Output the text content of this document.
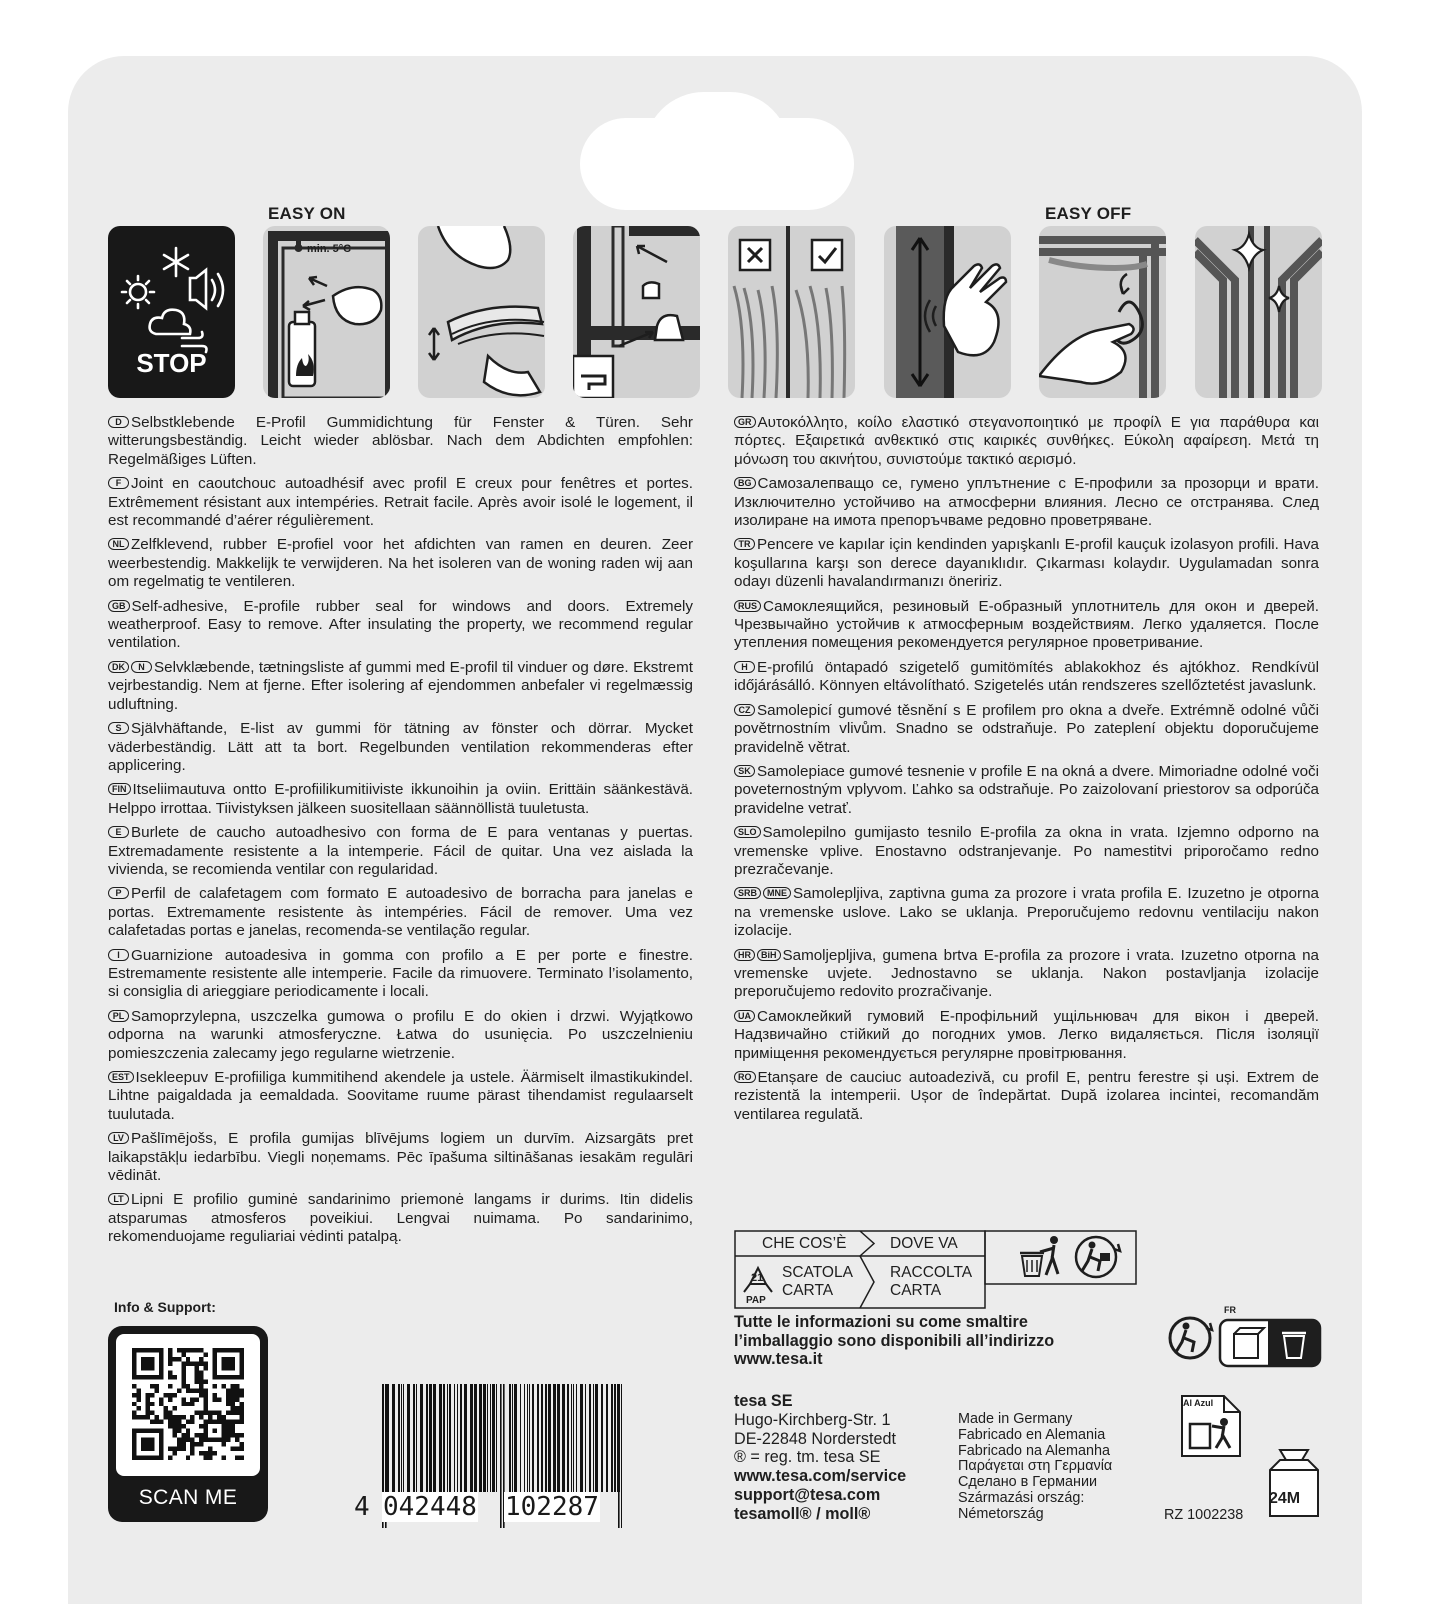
EASY ON	EASY OFF
STOP
min. 5°C
D Selbstklebende E-Profil Gummidichtung für Fenster & Türen. Sehr witterungsbeständig. Leicht wieder ablösbar. Nach dem Abdichten empfohlen: Regelmäßiges Lüften.
F Joint en caoutchouc autoadhésif avec profil E creux pour fenêtres et portes. Extrêmement résistant aux intempéries. Retrait facile. Après avoir isolé le logement, il est recommandé d’aérer régulièrement.
NL Zelfklevend, rubber E-profiel voor het afdichten van ramen en deuren. Zeer weerbestendig. Makkelijk te verwijderen. Na het isoleren van de woning raden wij aan om regelmatig te ventileren.
GB Self-adhesive, E-profile rubber seal for windows and doors. Extremely weatherproof. Easy to remove. After insulating the property, we recommend regular ventilation.
DK N Selvklæbende, tætningsliste af gummi med E-profil til vinduer og døre. Ekstremt vejrbestandig. Nem at fjerne. Efter isolering af ejendommen anbefaler vi regelmæssig udluftning.
S Självhäftande, E-list av gummi för tätning av fönster och dörrar. Mycket väderbeständig. Lätt att ta bort. Regelbunden ventilation rekommenderas efter applicering.
FIN Itseliimautuva ontto E-profiilikumitiiviste ikkunoihin ja oviin. Erittäin säänkestävä. Helppo irrottaa. Tiivistyksen jälkeen suositellaan säännöllistä tuuletusta.
E Burlete de caucho autoadhesivo con forma de E para ventanas y puertas. Extremadamente resistente a la intemperie. Fácil de quitar. Una vez aislada la vivienda, se recomienda ventilar con regularidad.
P Perfil de calafetagem com formato E autoadesivo de borracha para janelas e portas. Extremamente resistente às intempéries. Fácil de remover. Uma vez calafetadas portas e janelas, recomenda-se ventilação regular.
I Guarnizione autoadesiva in gomma con profilo a E per porte e finestre. Estremamente resistente alle intemperie. Facile da rimuovere. Terminato l’isolamento, si consiglia di arieggiare periodicamente i locali.
PL Samoprzylepna, uszczelka gumowa o profilu E do okien i drzwi. Wyjątkowo odporna na warunki atmosferyczne. Łatwa do usunięcia. Po uszczelnieniu pomieszczenia zalecamy jego regularne wietrzenie.
EST Isekleepuv E-profiiliga kummitihend akendele ja ustele. Äärmiselt ilmastikukindel. Lihtne paigaldada ja eemaldada. Soovitame ruume pärast tihendamist regulaarselt tuulutada.
LV Pašlīmējošs, E profila gumijas blīvējums logiem un durvīm. Aizsargāts pret laikapstākļu iedarbību. Viegli noņemams. Pēc īpašuma siltināšanas iesakām regulāri vēdināt.
LT Lipni E profilio guminė sandarinimo priemonė langams ir durims. Itin didelis atsparumas atmosferos poveikiui. Lengvai nuimama. Po sandarinimo, rekomenduojame reguliariai vėdinti patalpą.
GR Αυτοκόλλητο, κοίλο ελαστικό στεγανοποιητικό με προφίλ E για παράθυρα και πόρτες. Εξαιρετικά ανθεκτικό στις καιρικές συνθήκες. Εύκολη αφαίρεση. Μετά τη μόνωση του ακινήτου, συνιστούμε τακτικό αερισμό.
BG Самозалепващо се, гумено уплътнение с Е-профили за прозорци и врати. Изключително устойчиво на атмосферни влияния. Лесно се отстранява. След изолиране на имота препоръчваме редовно проветряване.
TR Pencere ve kapılar için kendinden yapışkanlı E-profil kauçuk izolasyon profili. Hava koşullarına karşı son derece dayanıklıdır. Çıkarması kolaydır. Uygulamadan sonra odayı düzenli havalandırmanızı öneririz.
RUS Самоклеящийся, резиновый E-образный уплотнитель для окон и дверей. Чрезвычайно устойчив к атмосферным воздействиям. Легко удаляется. После утепления помещения рекомендуется регулярное проветривание.
H E-profilú öntapadó szigetelő gumitömítés ablakokhoz és ajtókhoz. Rendkívül időjárásálló. Könnyen eltávolítható. Szigetelés után rendszeres szellőztetést javaslunk.
CZ Samolepicí gumové těsnění s E profilem pro okna a dveře. Extrémně odolné vůči povětrnostním vlivům. Snadno se odstraňuje. Po zateplení objektu doporučujeme pravidelně větrat.
SK Samolepiace gumové tesnenie v profile E na okná a dvere. Mimoriadne odolné voči poveternostným vplyvom. Ľahko sa odstraňuje. Po zaizolovaní priestorov sa odporúča pravidelne vetrať.
SLO Samolepilno gumijasto tesnilo E-profila za okna in vrata. Izjemno odporno na vremenske vplive. Enostavno odstranjevanje. Po namestitvi priporočamo redno prezračevanje.
SRB MNE Samolepljiva, zaptivna guma za prozore i vrata profila E. Izuzetno je otporna na vremenske uslove. Lako se uklanja. Preporučujemo redovnu ventilaciju nakon izolacije.
HR BiH Samoljepljiva, gumena brtva E-profila za prozore i vrata. Izuzetno otporna na vremenske uvjete. Jednostavno se uklanja. Nakon postavljanja izolacije preporučujemo redovito prozračivanje.
UA Самоклейкий гумовий E-профільний ущільнювач для вікон і дверей. Надзвичайно стійкий до погодних умов. Легко видаляється. Після ізоляції приміщення рекомендується регулярне провітрювання.
RO Etanșare de cauciuc autoadezivă, cu profil E, pentru ferestre și uși. Extrem de rezistentă la intemperii. Ușor de îndepărtat. După izolarea incintei, recomandăm ventilarea regulată.
Info & Support:
SCAN ME	4 042448 102287
CHE COS’È	DOVE VA
21
PAP
SCATOLA
CARTA
RACCOLTA
CARTA
Tutte le informazioni su come smaltire
l’imballaggio sono disponibili all’indirizzo
www.tesa.it
FR
Al Azul
24M
tesa SE
Hugo-Kirchberg-Str. 1
DE-22848 Norderstedt
® = reg. tm. tesa SE
www.tesa.com/service
support@tesa.com
tesamoll® / moll®
Made in Germany
Fabricado en Alemania
Fabricado na Alemanha
Παράγεται στη Γερμανία
Сделано в Германии
Származási ország:
Németország	RZ 1002238
